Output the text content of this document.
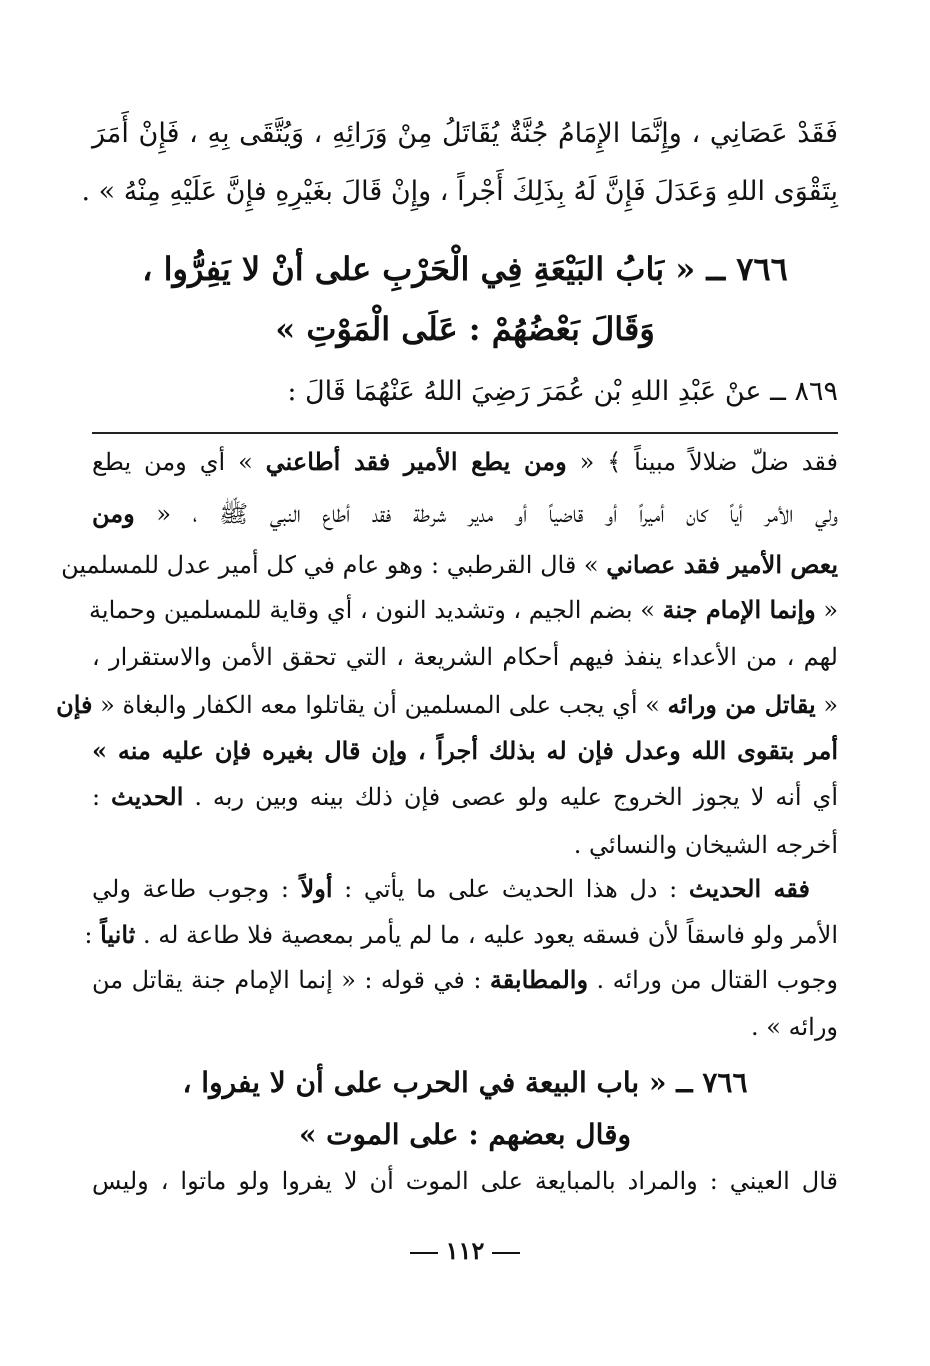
فَقَدْ عَصَانِي ، وإِنَّمَا الإِمَامُ جُنَّةٌ يُقَاتَلُ مِنْ وَرَائِهِ ، وَيُتَّقَى بِهِ ، فَإِنْ أَمَرَ
بِتَقْوَى اللهِ وَعَدَلَ فَإِنَّ لَهُ بِذَلِكَ أَجْراً ، وإِنْ قَالَ بغَيْرِهِ فإِنَّ عَلَيْهِ مِنْهُ » .
٧٦٦ ــ « بَابُ البَيْعَةِ فِي الْحَرْبِ على أنْ لا يَفِرُّوا ،
وَقَالَ بَعْضُهُمْ : عَلَى الْمَوْتِ »
٨٦٩ ــ عنْ عَبْدِ اللهِ بْن عُمَرَ رَضِيَ اللهُ عَنْهُمَا قَالَ :
فقد ضلّ ضلالاً مبيناً ﴾ « ومن يطع الأمير فقد أطاعني » أي ومن يطع
ولي الأمر أياً كان أميراً أو قاضياً أو مدير شرطة فقد أطاع النبي ﷺ ، « ومن
يعص الأمير فقد عصاني » قال القرطبي : وهو عام في كل أمير عدل للمسلمين
« وإنما الإمام جنة » بضم الجيم ، وتشديد النون ، أي وقاية للمسلمين وحماية
لهم ، من الأعداء ينفذ فيهم أحكام الشريعة ، التي تحقق الأمن والاستقرار ،
« يقاتل من ورائه » أي يجب على المسلمين أن يقاتلوا معه الكفار والبغاة « فإن
أمر بتقوى الله وعدل فإن له بذلك أجراً ، وإن قال بغيره فإن عليه منه »
أي أنه لا يجوز الخروج عليه ولو عصى فإن ذلك بينه وبين ربه . الحديث :
أخرجه الشيخان والنسائي .
فقه الحديث : دل هذا الحديث على ما يأتي : أولاً : وجوب طاعة ولي
الأمر ولو فاسقاً لأن فسقه يعود عليه ، ما لم يأمر بمعصية فلا طاعة له . ثانياً :
وجوب القتال من ورائه . والمطابقة : في قوله : « إنما الإمام جنة يقاتل من
ورائه » .
٧٦٦ ــ « باب البيعة في الحرب على أن لا يفروا ،
وقال بعضهم : على الموت »
قال العيني : والمراد بالمبايعة على الموت أن لا يفروا ولو ماتوا ، وليس
١١٢
